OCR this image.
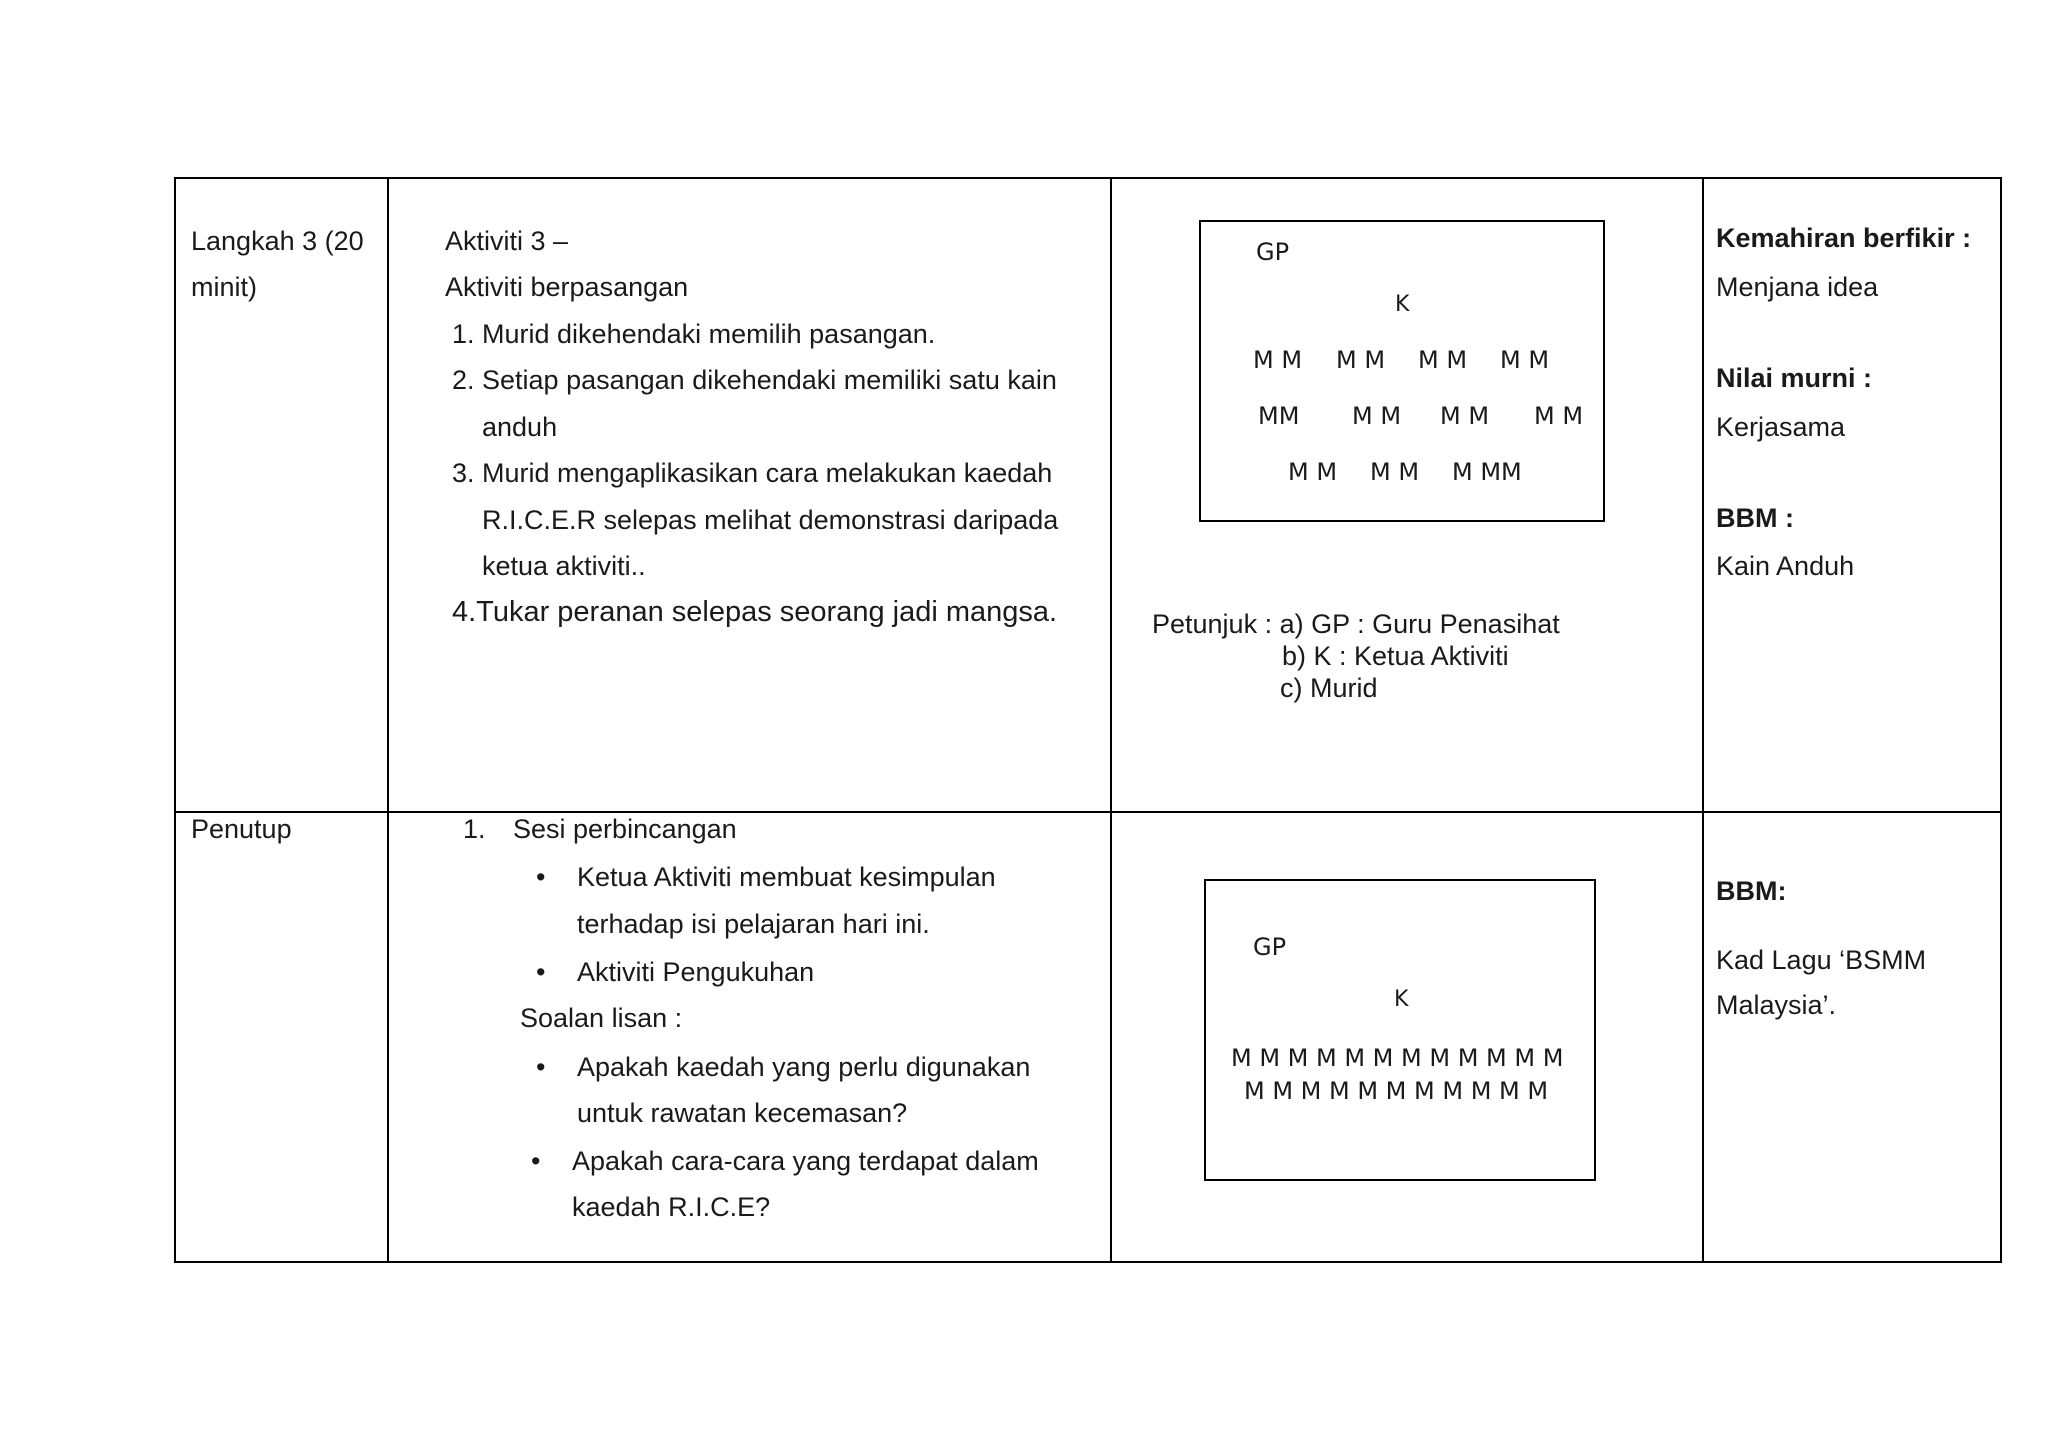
Langkah 3 (20
minit)
Aktiviti 3 –
Aktiviti berpasangan
1. Murid dikehendaki memilih pasangan.
2. Setiap pasangan dikehendaki memiliki satu kain
anduh
3. Murid mengaplikasikan cara melakukan kaedah
R.I.C.E.R selepas melihat demonstrasi daripada
ketua aktiviti..
4.Tukar peranan selepas seorang jadi mangsa.
GP
K
M M M M M M M M
MM M M M M M M
M M M M M MM
Petunjuk : a) GP : Guru Penasihat
b) K : Ketua Aktiviti
c) Murid
Kemahiran berfikir :
Menjana idea
Nilai murni :
Kerjasama
BBM :
Kain Anduh
Penutup	1. Sesi perbincangan
• Ketua Aktiviti membuat kesimpulan
terhadap isi pelajaran hari ini.
• Aktiviti Pengukuhan
Soalan lisan :
• Apakah kaedah yang perlu digunakan
untuk rawatan kecemasan?
• Apakah cara-cara yang terdapat dalam
kaedah R.I.C.E?
GP
K
M M M M M M M M M M M M
M M M M M M M M M M M
BBM:
Kad Lagu ‘BSMM
Malaysia’.
